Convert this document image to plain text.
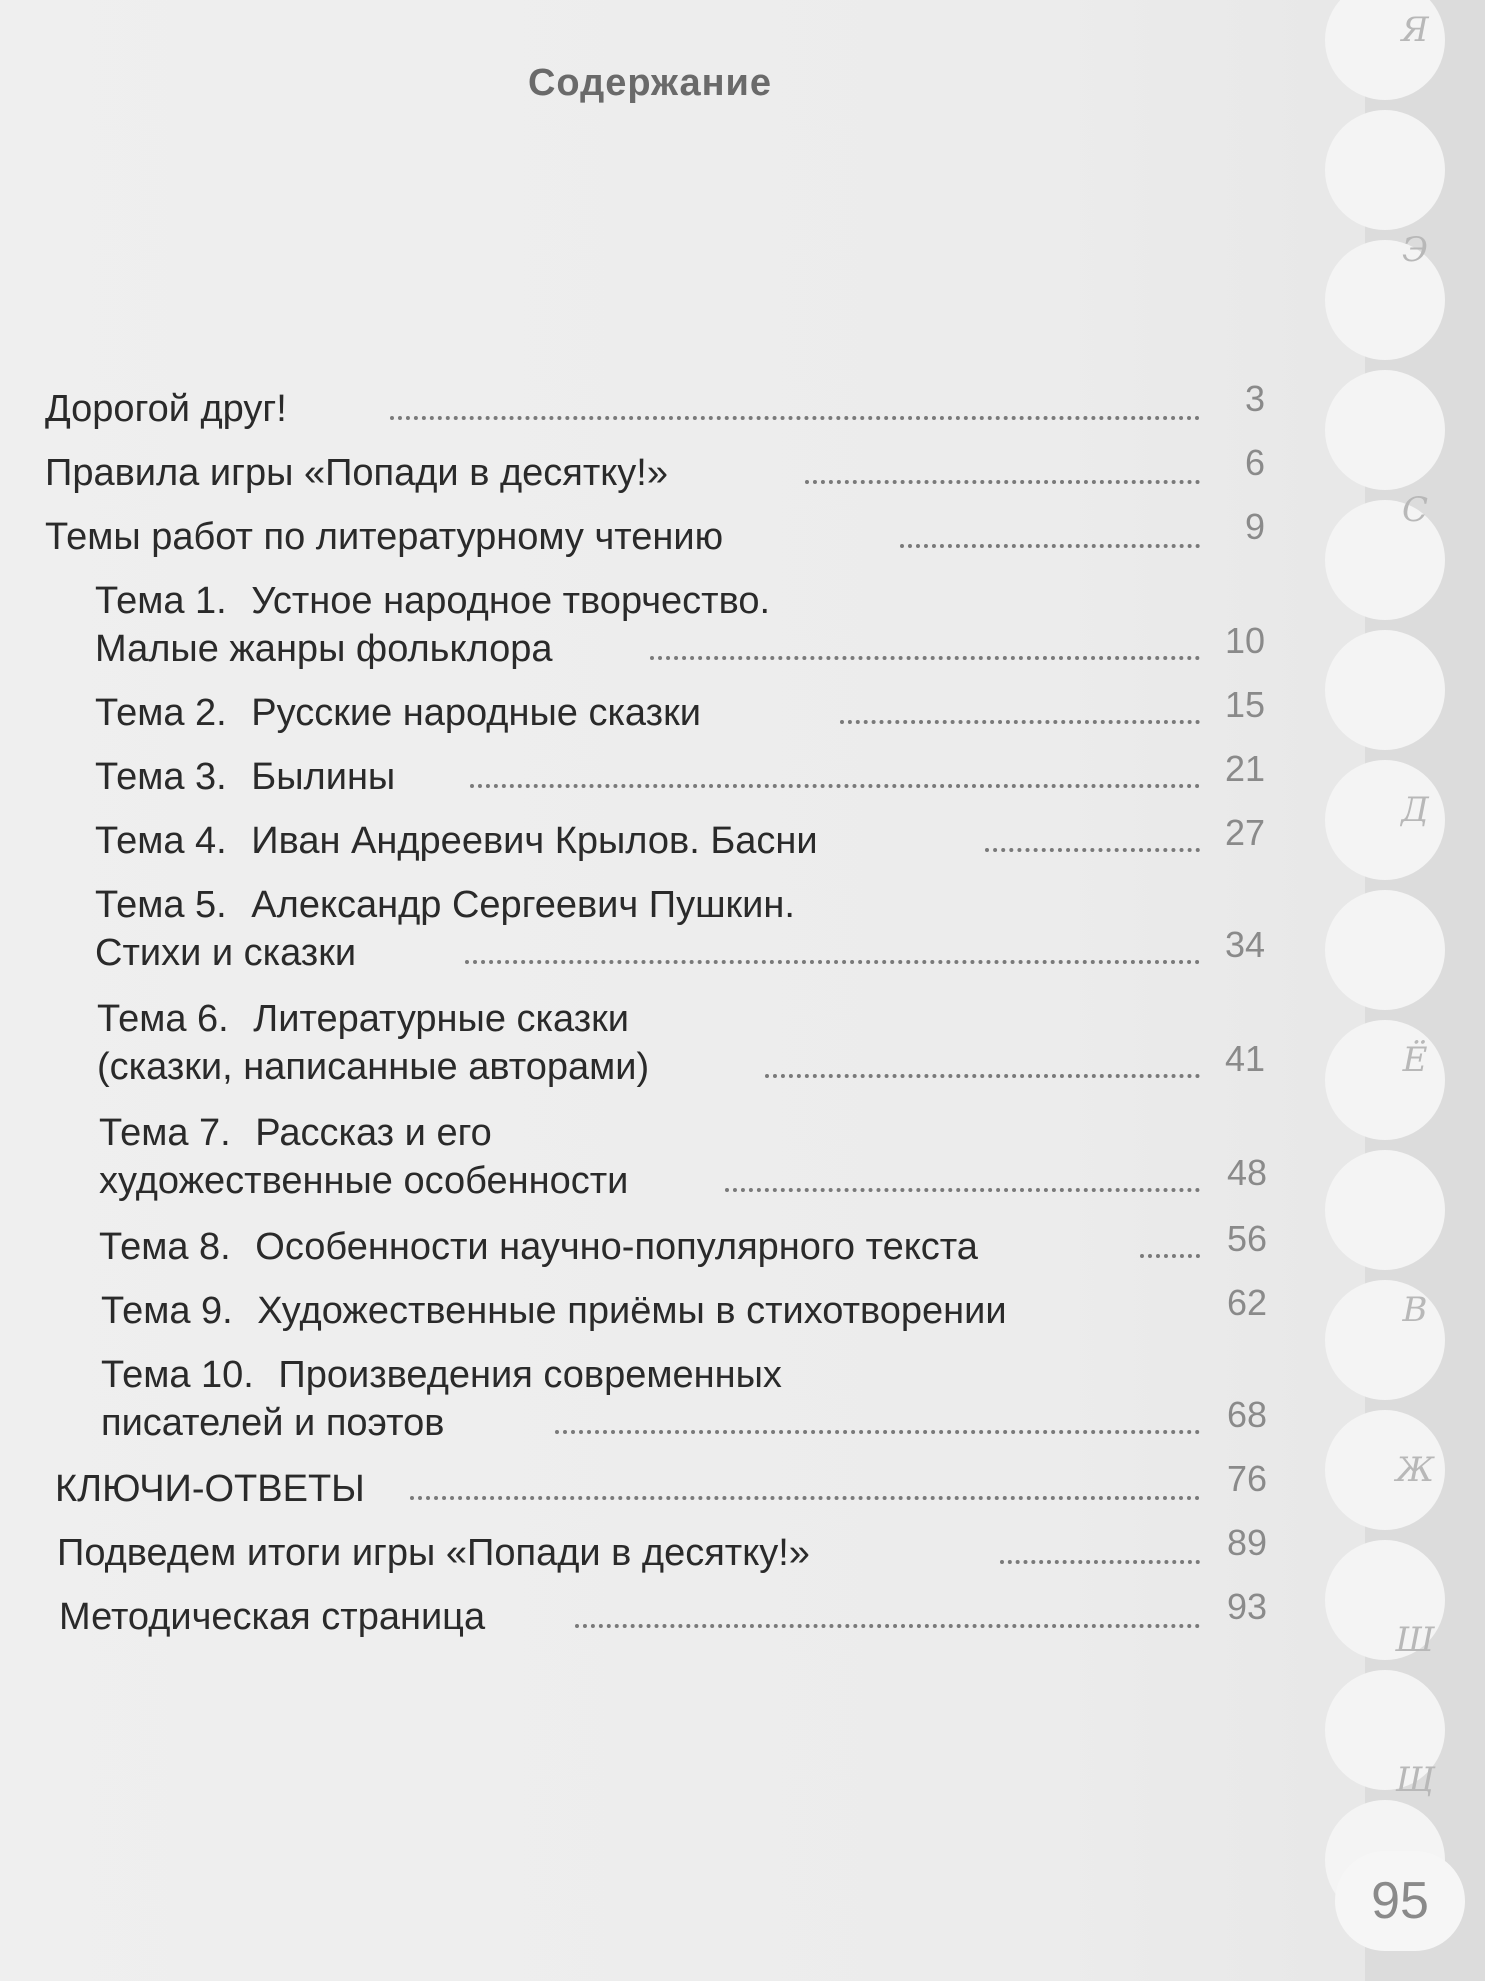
Я
Э
С
Д
Ё
В
Ж
Ш
Щ
95
Содержание
Дорогой друг!	3
Правила игры «Попади в десятку!»	6
Темы работ по литературному чтению	9
Тема 1. Устное народное творчество.
Малые жанры фольклора	10
Тема 2. Русские народные сказки	15
Тема 3. Былины	21
Тема 4. Иван Андреевич Крылов. Басни	27
Тема 5. Александр Сергеевич Пушкин.
Стихи и сказки	34
Тема 6. Литературные сказки
(сказки, написанные авторами)	41
Тема 7. Рассказ и его
художественные особенности	48
Тема 8. Особенности научно-популярного текста	56
Тема 9. Художественные приёмы в стихотворении	62
Тема 10. Произведения современных
писателей и поэтов	68
КЛЮЧИ-ОТВЕТЫ	76
Подведем итоги игры «Попади в десятку!»	89
Методическая страница	93
